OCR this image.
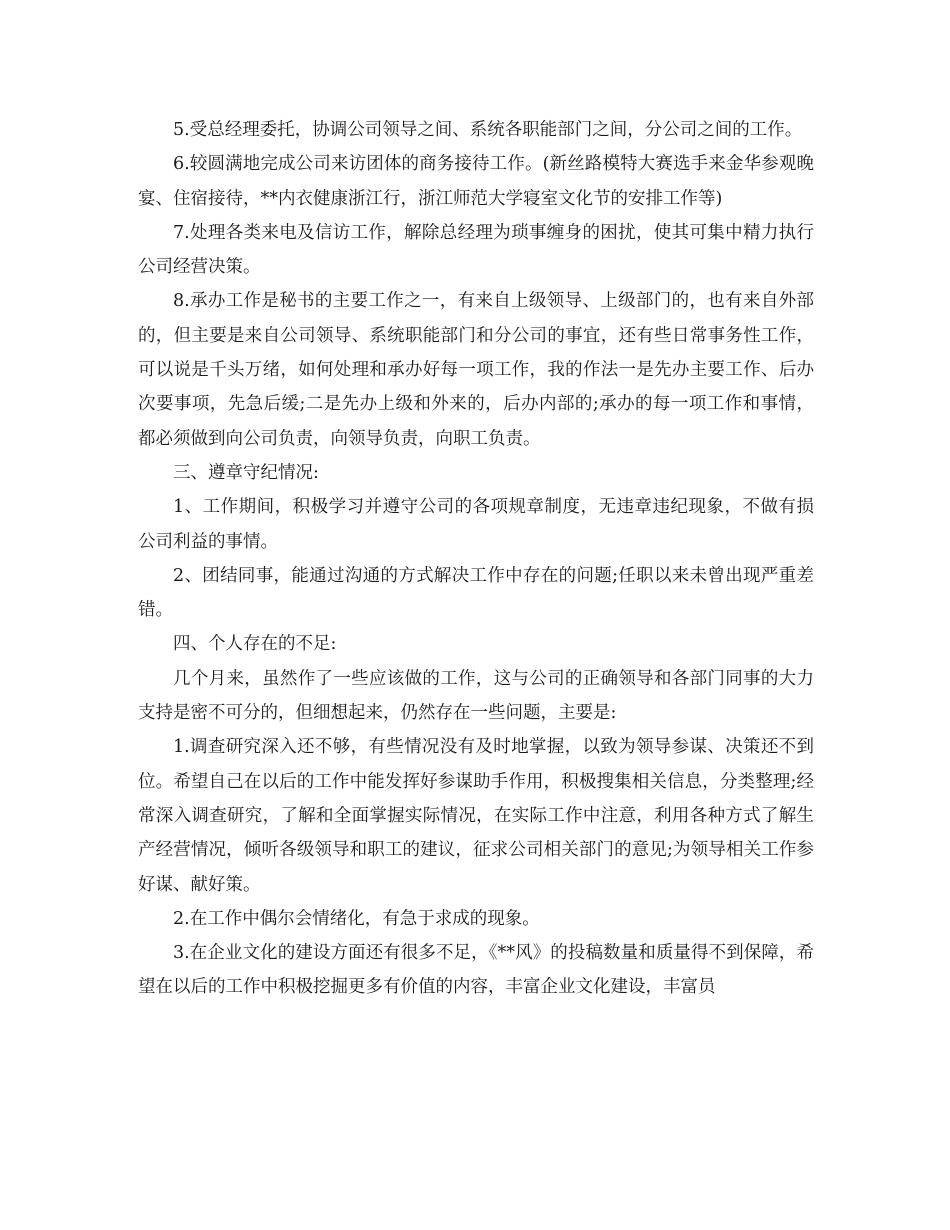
5.受总经理委托，协调公司领导之间、系统各职能部门之间，分公司之间的工作。

6.较圆满地完成公司来访团体的商务接待工作。(新丝路模特大赛选手来金华参观晚宴、住宿接待，**内衣健康浙江行，浙江师范大学寝室文化节的安排工作等)

7.处理各类来电及信访工作，解除总经理为琐事缠身的困扰，使其可集中精力执行公司经营决策。

8.承办工作是秘书的主要工作之一，有来自上级领导、上级部门的，也有来自外部的，但主要是来自公司领导、系统职能部门和分公司的事宜，还有些日常事务性工作，可以说是千头万绪，如何处理和承办好每一项工作，我的作法一是先办主要工作、后办次要事项，先急后缓;二是先办上级和外来的，后办内部的;承办的每一项工作和事情，都必须做到向公司负责，向领导负责，向职工负责。

三、遵章守纪情况:

1、工作期间，积极学习并遵守公司的各项规章制度，无违章违纪现象，不做有损公司利益的事情。

2、团结同事，能通过沟通的方式解决工作中存在的问题;任职以来未曾出现严重差错。

四、个人存在的不足:

几个月来，虽然作了一些应该做的工作，这与公司的正确领导和各部门同事的大力支持是密不可分的，但细想起来，仍然存在一些问题，主要是:

1.调查研究深入还不够，有些情况没有及时地掌握，以致为领导参谋、决策还不到位。希望自己在以后的工作中能发挥好参谋助手作用，积极搜集相关信息，分类整理;经常深入调查研究，了解和全面掌握实际情况，在实际工作中注意，利用各种方式了解生产经营情况，倾听各级领导和职工的建议，征求公司相关部门的意见;为领导相关工作参好谋、献好策。

2.在工作中偶尔会情绪化，有急于求成的现象。

3.在企业文化的建设方面还有很多不足，《**风》的投稿数量和质量得不到保障，希望在以后的工作中积极挖掘更多有价值的内容，丰富企业文化建设，丰富员
